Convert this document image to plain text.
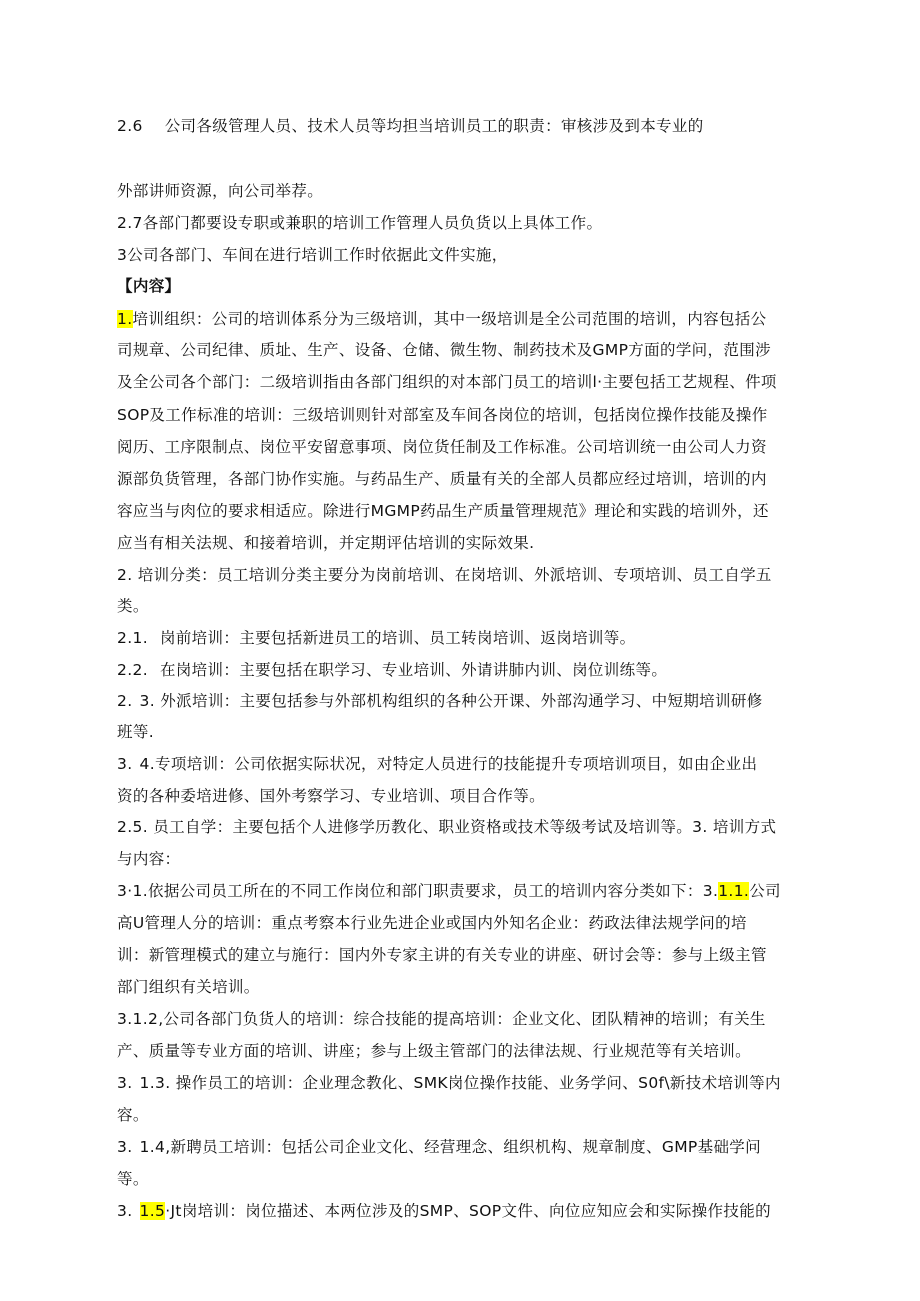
2.6 公司各级管理人员、技术人员等均担当培训员工的职责：审核涉及到本专业的
外部讲师资源，向公司举荐。
2.7各部门都要设专职或兼职的培训工作管理人员负货以上具体工作。
3公司各部门、车间在进行培训工作时依据此文件实施，
【内容】
1.培训组织：公司的培训体系分为三级培训，其中一级培训是全公司范围的培训，内容包括公
司规章、公司纪律、质址、生产、设备、仓储、微生物、制药技术及GMP方面的学问，范围涉
及全公司各个部门：二级培训指由各部门组织的对本部门员工的培训l·主要包括工艺规程、件项
SOP及工作标准的培训：三级培训则针对部室及车间各岗位的培训，包括岗位操作技能及操作
阅历、工序限制点、岗位平安留意事项、岗位货任制及工作标准。公司培训统一由公司人力资
源部负货管理，各部门协作实施。与药品生产、质量有关的全部人员都应经过培训，培训的内
容应当与肉位的要求相适应。除进行MGMP药品生产质量管理规范》理论和实践的培训外，还
应当有相关法规、和接着培训，并定期评估培训的实际效果.
2. 培训分类：员工培训分类主要分为岗前培训、在岗培训、外派培训、专项培训、员工自学五
类。
2.1. 岗前培训：主要包括新进员工的培训、员工转岗培训、返岗培训等。
2.2. 在岗培训：主要包括在职学习、专业培训、外请讲肺内训、岗位训练等。
2. 3. 外派培训：主要包括参与外部机构组织的各种公开课、外部沟通学习、中短期培训研修
班等.
3. 4.专项培训：公司依据实际状况，对特定人员进行的技能提升专项培训项目，如由企业出
资的各种委培进修、国外考察学习、专业培训、项目合作等。
2.5. 员工自学：主要包括个人进修学历教化、职业资格或技术等级考试及培训等。3. 培训方式
与内容：
3·1.依据公司员工所在的不同工作岗位和部门职责要求，员工的培训内容分类如下：3.1.1.公司
高U管理人分的培训：重点考察本行业先进企业或国内外知名企业：药政法律法规学问的培
训：新管理模式的建立与施行：国内外专家主讲的有关专业的讲座、研讨会等：参与上级主管
部门组织有关培训。
3.1.2,公司各部门负货人的培训：综合技能的提高培训：企业文化、团队精神的培训；有关生
产、质量等专业方面的培训、讲座；参与上级主管部门的法律法规、行业规范等有关培训。
3. 1.3. 操作员工的培训：企业理念教化、SMK岗位操作技能、业务学问、S0f\新技术培训等内
容。
3. 1.4,新聘员工培训：包括公司企业文化、经营理念、组织机构、规章制度、GMP基础学问
等。
3. 1.5·Jt岗培训：岗位描述、本两位涉及的SMP、SOP文件、向位应知应会和实际操作技能的
